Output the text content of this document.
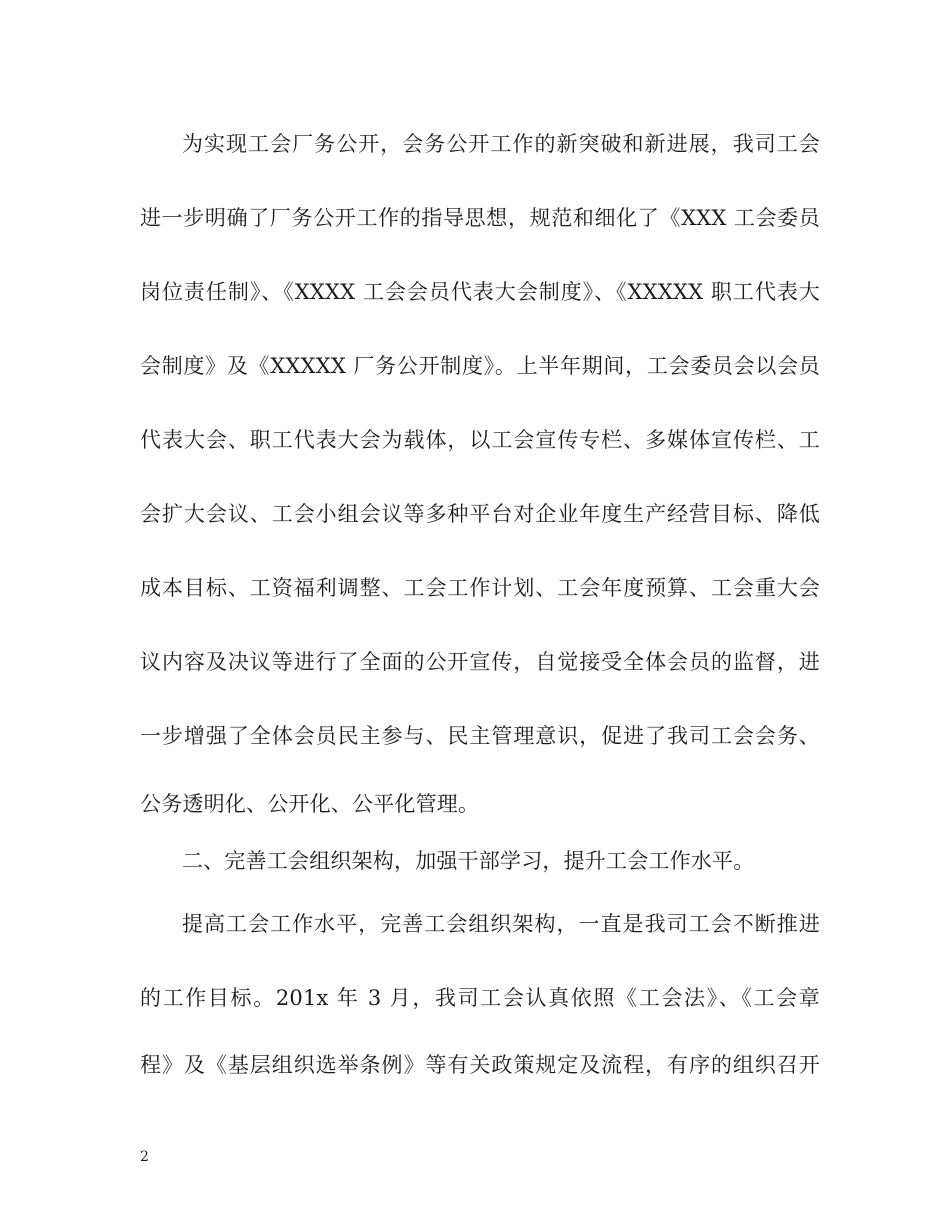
为实现工会厂务公开，会务公开工作的新突破和新进展，我司工会
进一步明确了厂务公开工作的指导思想，规范和细化了《XXX 工会委员
岗位责任制》、《XXXX 工会会员代表大会制度》、《XXXXX 职工代表大
会制度》及《XXXXX 厂务公开制度》。上半年期间，工会委员会以会员
代表大会、职工代表大会为载体，以工会宣传专栏、多媒体宣传栏、工
会扩大会议、工会小组会议等多种平台对企业年度生产经营目标、降低
成本目标、工资福利调整、工会工作计划、工会年度预算、工会重大会
议内容及决议等进行了全面的公开宣传，自觉接受全体会员的监督，进
一步增强了全体会员民主参与、民主管理意识，促进了我司工会会务、
公务透明化、公开化、公平化管理。
二、完善工会组织架构，加强干部学习，提升工会工作水平。
提高工会工作水平，完善工会组织架构，一直是我司工会不断推进
的工作目标。201x 年 3 月，我司工会认真依照《工会法》、《工会章
程》及《基层组织选举条例》等有关政策规定及流程，有序的组织召开
2
